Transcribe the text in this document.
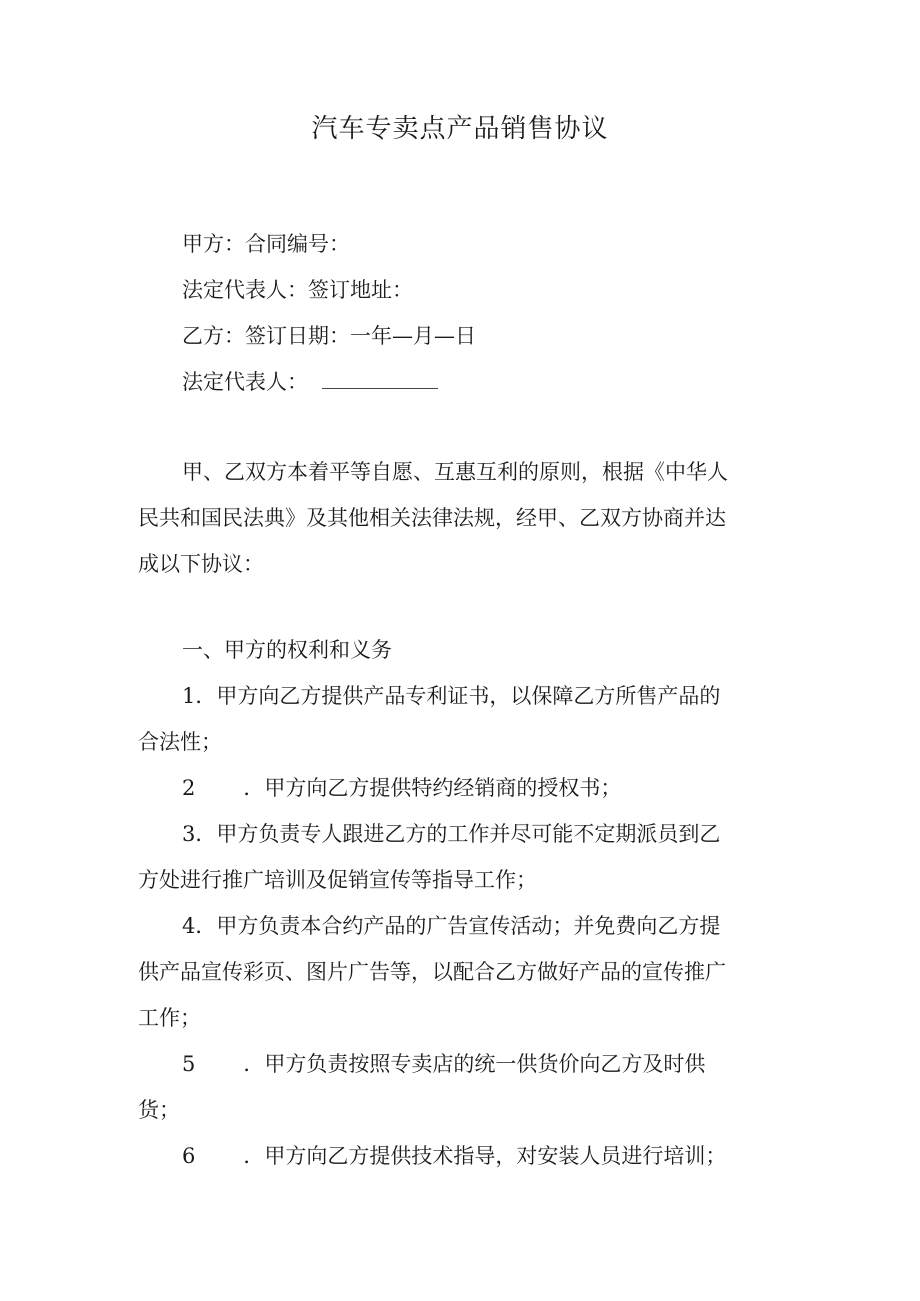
汽车专卖点产品销售协议
甲方：合同编号：
法定代表人：签订地址：
乙方：签订日期：一年—月—日
法定代表人：
甲、乙双方本着平等自愿、互惠互利的原则，根据《中华人
民共和国民法典》及其他相关法律法规，经甲、乙双方协商并达
成以下协议：
一、甲方的权利和义务
1．甲方向乙方提供产品专利证书，以保障乙方所售产品的
合法性；
2 ．甲方向乙方提供特约经销商的授权书；
3．甲方负责专人跟进乙方的工作并尽可能不定期派员到乙
方处进行推广培训及促销宣传等指导工作；
4．甲方负责本合约产品的广告宣传活动；并免费向乙方提
供产品宣传彩页、图片广告等，以配合乙方做好产品的宣传推广
工作；
5 ．甲方负责按照专卖店的统一供货价向乙方及时供
货；
6 ．甲方向乙方提供技术指导，对安装人员进行培训；
